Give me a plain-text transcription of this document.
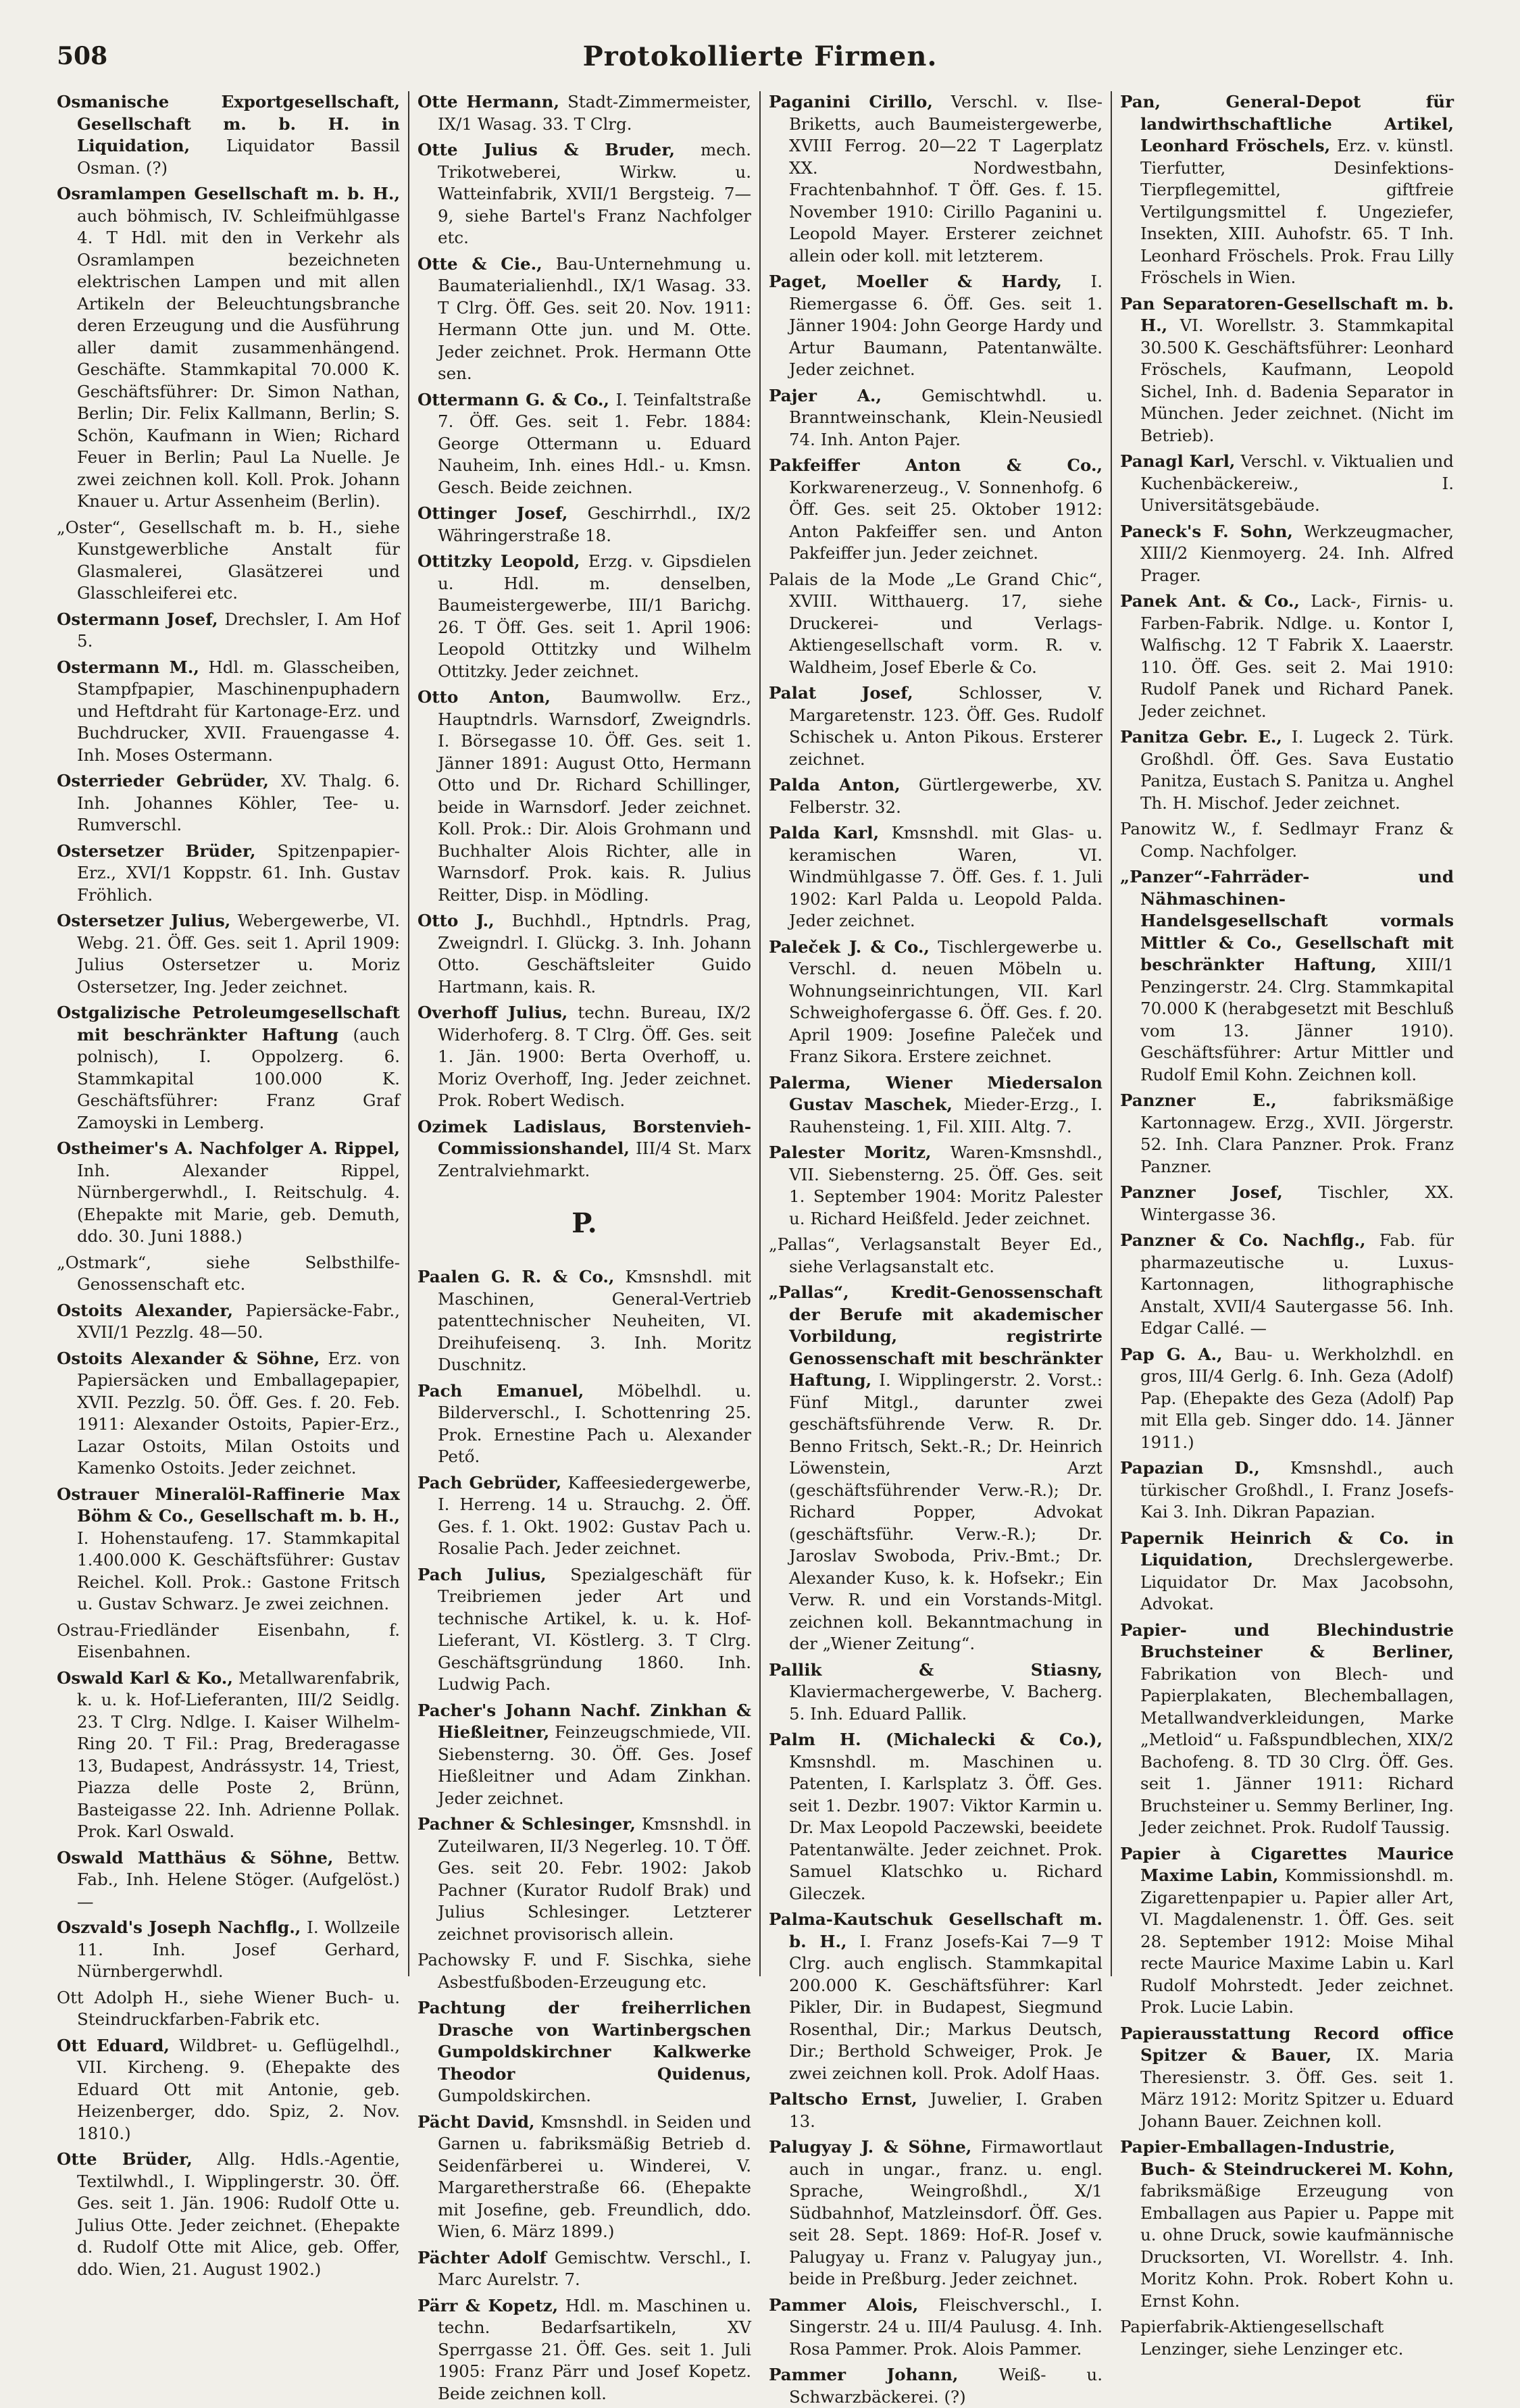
508	Protokollierte Firmen.

Osmanische Exportgesellschaft, Gesellschaft m. b. H. in Liquidation, Liquidator Bassil Osman. (?)

Osramlampen Gesellschaft m. b. H., auch böhmisch, IV. Schleifmühlgasse 4. T Hdl. mit den in Verkehr als Osramlampen bezeichneten elektrischen Lampen und mit allen Artikeln der Beleuchtungsbranche deren Erzeugung und die Ausführung aller damit zusammenhängend. Geschäfte. Stammkapital 70.000 K. Geschäftsführer: Dr. Simon Nathan, Berlin; Dir. Felix Kallmann, Berlin; S. Schön, Kaufmann in Wien; Richard Feuer in Berlin; Paul La Nuelle. Je zwei zeichnen koll. Koll. Prok. Johann Knauer u. Artur Assenheim (Berlin).

„Oster“, Gesellschaft m. b. H., siehe Kunstgewerbliche Anstalt für Glasmalerei, Glasätzerei und Glasschleiferei etc.

Ostermann Josef, Drechsler, I. Am Hof 5.

Ostermann M., Hdl. m. Glasscheiben, Stampfpapier, Maschinenpuphadern und Heftdraht für Kartonage-Erz. und Buchdrucker, XVII. Frauengasse 4. Inh. Moses Ostermann.

Osterrieder Gebrüder, XV. Thalg. 6. Inh. Johannes Köhler, Tee- u. Rumverschl.

Ostersetzer Brüder, Spitzenpapier-Erz., XVI/1 Koppstr. 61. Inh. Gustav Fröhlich.

Ostersetzer Julius, Webergewerbe, VI. Webg. 21. Öff. Ges. seit 1. April 1909: Julius Ostersetzer u. Moriz Ostersetzer, Ing. Jeder zeichnet.

Ostgalizische Petroleumgesellschaft mit beschränkter Haftung (auch polnisch), I. Oppolzerg. 6. Stammkapital 100.000 K. Geschäftsführer: Franz Graf Zamoyski in Lemberg.

Ostheimer's A. Nachfolger A. Rippel, Inh. Alexander Rippel, Nürnbergerwhdl., I. Reitschulg. 4. (Ehepakte mit Marie, geb. Demuth, ddo. 30. Juni 1888.)

„Ostmark“, siehe Selbsthilfe-Genossenschaft etc.

Ostoits Alexander, Papiersäcke-Fabr., XVII/1 Pezzlg. 48—50.

Ostoits Alexander & Söhne, Erz. von Papiersäcken und Emballagepapier, XVII. Pezzlg. 50. Öff. Ges. f. 20. Feb. 1911: Alexander Ostoits, Papier-Erz., Lazar Ostoits, Milan Ostoits und Kamenko Ostoits. Jeder zeichnet.

Ostrauer Mineralöl-Raffinerie Max Böhm & Co., Gesellschaft m. b. H., I. Hohenstaufeng. 17. Stammkapital 1.400.000 K. Geschäftsführer: Gustav Reichel. Koll. Prok.: Gastone Fritsch u. Gustav Schwarz. Je zwei zeichnen.

Ostrau-Friedländer Eisenbahn, f. Eisenbahnen.

Oswald Karl & Ko., Metallwarenfabrik, k. u. k. Hof-Lieferanten, III/2 Seidlg. 23. T Clrg. Ndlge. I. Kaiser Wilhelm-Ring 20. T Fil.: Prag, Brederagasse 13, Budapest, Andrássystr. 14, Triest, Piazza delle Poste 2, Brünn, Basteigasse 22. Inh. Adrienne Pollak. Prok. Karl Oswald.

Oswald Matthäus & Söhne, Bettw. Fab., Inh. Helene Stöger. (Aufgelöst.) —

Oszvald's Joseph Nachflg., I. Wollzeile 11. Inh. Josef Gerhard, Nürnbergerwhdl.

Ott Adolph H., siehe Wiener Buch- u. Steindruckfarben-Fabrik etc.

Ott Eduard, Wildbret- u. Geflügelhdl., VII. Kircheng. 9. (Ehepakte des Eduard Ott mit Antonie, geb. Heizenberger, ddo. Spiz, 2. Nov. 1810.)

Otte Brüder, Allg. Hdls.-Agentie, Textilwhdl., I. Wipplingerstr. 30. Öff. Ges. seit 1. Jän. 1906: Rudolf Otte u. Julius Otte. Jeder zeichnet. (Ehepakte d. Rudolf Otte mit Alice, geb. Offer, ddo. Wien, 21. August 1902.)

Otte Hermann, Stadt-Zimmermeister, IX/1 Wasag. 33. T Clrg.

Otte Julius & Bruder, mech. Trikotweberei, Wirkw. u. Watteinfabrik, XVII/1 Bergsteig. 7—9, siehe Bartel's Franz Nachfolger etc.

Otte & Cie., Bau-Unternehmung u. Baumaterialienhdl., IX/1 Wasag. 33. T Clrg. Öff. Ges. seit 20. Nov. 1911: Hermann Otte jun. und M. Otte. Jeder zeichnet. Prok. Hermann Otte sen.

Ottermann G. & Co., I. Teinfaltstraße 7. Öff. Ges. seit 1. Febr. 1884: George Ottermann u. Eduard Nauheim, Inh. eines Hdl.- u. Kmsn. Gesch. Beide zeichnen.

Ottinger Josef, Geschirrhdl., IX/2 Währingerstraße 18.

Ottitzky Leopold, Erzg. v. Gipsdielen u. Hdl. m. denselben, Baumeistergewerbe, III/1 Barichg. 26. T Öff. Ges. seit 1. April 1906: Leopold Ottitzky und Wilhelm Ottitzky. Jeder zeichnet.

Otto Anton, Baumwollw. Erz., Hauptndrls. Warnsdorf, Zweigndrls. I. Börsegasse 10. Öff. Ges. seit 1. Jänner 1891: August Otto, Hermann Otto und Dr. Richard Schillinger, beide in Warnsdorf. Jeder zeichnet. Koll. Prok.: Dir. Alois Grohmann und Buchhalter Alois Richter, alle in Warnsdorf. Prok. kais. R. Julius Reitter, Disp. in Mödling.

Otto J., Buchhdl., Hptndrls. Prag, Zweigndrl. I. Glückg. 3. Inh. Johann Otto. Geschäftsleiter Guido Hartmann, kais. R.

Overhoff Julius, techn. Bureau, IX/2 Widerhoferg. 8. T Clrg. Öff. Ges. seit 1. Jän. 1900: Berta Overhoff, u. Moriz Overhoff, Ing. Jeder zeichnet. Prok. Robert Wedisch.

Ozimek Ladislaus, Borstenvieh-Commissionshandel, III/4 St. Marx Zentralviehmarkt.

P.

Paalen G. R. & Co., Kmsnshdl. mit Maschinen, General-Vertrieb patenttechnischer Neuheiten, VI. Dreihufeisenq. 3. Inh. Moritz Duschnitz.

Pach Emanuel, Möbelhdl. u. Bilderverschl., I. Schottenring 25. Prok. Ernestine Pach u. Alexander Pető.

Pach Gebrüder, Kaffeesiedergewerbe, I. Herreng. 14 u. Strauchg. 2. Öff. Ges. f. 1. Okt. 1902: Gustav Pach u. Rosalie Pach. Jeder zeichnet.

Pach Julius, Spezialgeschäft für Treibriemen jeder Art und technische Artikel, k. u. k. Hof-Lieferant, VI. Köstlerg. 3. T Clrg. Geschäftsgründung 1860. Inh. Ludwig Pach.

Pacher's Johann Nachf. Zinkhan & Hießleitner, Feinzeugschmiede, VII. Siebensterng. 30. Öff. Ges. Josef Hießleitner und Adam Zinkhan. Jeder zeichnet.

Pachner & Schlesinger, Kmsnshdl. in Zuteilwaren, II/3 Negerleg. 10. T Öff. Ges. seit 20. Febr. 1902: Jakob Pachner (Kurator Rudolf Brak) und Julius Schlesinger. Letzterer zeichnet provisorisch allein.

Pachowsky F. und F. Sischka, siehe Asbestfußboden-Erzeugung etc.

Pachtung der freiherrlichen Drasche von Wartinbergschen Gumpoldskirchner Kalkwerke Theodor Quidenus, Gumpoldskirchen.

Pächt David, Kmsnshdl. in Seiden und Garnen u. fabriksmäßig Betrieb d. Seidenfärberei u. Winderei, V. Margaretherstraße 66. (Ehepakte mit Josefine, geb. Freundlich, ddo. Wien, 6. März 1899.)

Pächter Adolf Gemischtw. Verschl., I. Marc Aurelstr. 7.

Pärr & Kopetz, Hdl. m. Maschinen u. techn. Bedarfsartikeln, XV Sperrgasse 21. Öff. Ges. seit 1. Juli 1905: Franz Pärr und Josef Kopetz. Beide zeichnen koll.

Paganini Cirillo, Verschl. v. Ilse-Briketts, auch Baumeistergewerbe, XVIII Ferrog. 20—22 T Lagerplatz XX. Nordwestbahn, Frachtenbahnhof. T Öff. Ges. f. 15. November 1910: Cirillo Paganini u. Leopold Mayer. Ersterer zeichnet allein oder koll. mit letzterem.

Paget, Moeller & Hardy, I. Riemergasse 6. Öff. Ges. seit 1. Jänner 1904: John George Hardy und Artur Baumann, Patentanwälte. Jeder zeichnet.

Pajer A., Gemischtwhdl. u. Branntweinschank, Klein-Neusiedl 74. Inh. Anton Pajer.

Pakfeiffer Anton & Co., Korkwarenerzeug., V. Sonnenhofg. 6 Öff. Ges. seit 25. Oktober 1912: Anton Pakfeiffer sen. und Anton Pakfeiffer jun. Jeder zeichnet.

Palais de la Mode „Le Grand Chic“, XVIII. Witthauerg. 17, siehe Druckerei- und Verlags-Aktiengesellschaft vorm. R. v. Waldheim, Josef Eberle & Co.

Palat Josef,	Schlosser, V. Margaretenstr. 123. Öff. Ges. Rudolf Schischek u. Anton Pikous. Ersterer zeichnet.

Palda Anton, Gürtlergewerbe, XV. Felberstr. 32.

Palda Karl, Kmsnshdl. mit Glas- u. keramischen Waren, VI. Windmühlgasse 7. Öff. Ges. f. 1. Juli 1902: Karl Palda u. Leopold Palda. Jeder zeichnet.

Paleček J. & Co., Tischlergewerbe u. Verschl. d. neuen Möbeln u. Wohnungseinrichtungen, VII. Karl Schweighofergasse 6. Öff. Ges. f. 20. April 1909: Josefine Paleček und Franz Sikora. Erstere zeichnet.

Palerma, Wiener Miedersalon Gustav Maschek, Mieder-Erzg., I. Rauhensteing. 1, Fil. XIII. Altg. 7.

Palester Moritz, Waren-Kmsnshdl., VII. Siebensterng. 25. Öff. Ges. seit 1. September 1904: Moritz Palester u. Richard Heißfeld. Jeder zeichnet.

„Pallas“, Verlagsanstalt Beyer Ed., siehe Verlagsanstalt etc.

„Pallas“, Kredit-Genossenschaft der Berufe mit akademischer Vorbildung, registrirte Genossenschaft mit beschränkter Haftung, I. Wipplingerstr. 2. Vorst.: Fünf Mitgl., darunter zwei geschäftsführende Verw. R. Dr. Benno Fritsch, Sekt.-R.; Dr. Heinrich Löwenstein, Arzt (geschäftsführender Verw.-R.); Dr. Richard Popper, Advokat (geschäftsführ. Verw.-R.); Dr. Jaroslav Swoboda, Priv.-Bmt.; Dr. Alexander Kuso, k. k. Hofsekr.; Ein Verw. R. und ein Vorstands-Mitgl. zeichnen koll. Bekanntmachung in der „Wiener Zeitung“.

Pallik & Stiasny, Klaviermachergewerbe, V. Bacherg. 5. Inh. Eduard Pallik.

Palm H. (Michalecki & Co.), Kmsnshdl. m. Maschinen u. Patenten, I. Karlsplatz 3. Öff. Ges. seit 1. Dezbr. 1907: Viktor Karmin u. Dr. Max Leopold Paczewski, beeidete Patentanwälte. Jeder zeichnet. Prok. Samuel Klatschko u. Richard Gileczek.

Palma-Kautschuk Gesellschaft m. b. H., I. Franz Josefs-Kai 7—9 T Clrg. auch englisch. Stammkapital 200.000 K. Geschäftsführer: Karl Pikler, Dir. in Budapest, Siegmund Rosenthal, Dir.; Markus Deutsch, Dir.; Berthold Schweiger, Prok. Je zwei zeichnen koll. Prok. Adolf Haas.

Paltscho Ernst, Juwelier, I. Graben 13.

Palugyay J. & Söhne, Firmawortlaut auch in ungar., franz. u. engl. Sprache, Weingroßhdl., X/1 Südbahnhof, Matzleinsdorf. Öff. Ges. seit 28. Sept. 1869: Hof-R. Josef v. Palugyay u. Franz v. Palugyay jun., beide in Preßburg. Jeder zeichnet.

Pammer Alois, Fleischverschl., I. Singerstr. 24 u. III/4 Paulusg. 4. Inh. Rosa Pammer. Prok. Alois Pammer.

Pammer Johann, Weiß- u. Schwarzbäckerei. (?)

Pan, General-Depot für landwirthschaftliche Artikel, Leonhard Fröschels, Erz. v. künstl. Tierfutter, Desinfektions-Tierpflegemittel, giftfreie Vertilgungsmittel f. Ungeziefer, Insekten, XIII. Auhofstr. 65. T Inh. Leonhard Fröschels. Prok. Frau Lilly Fröschels in Wien.

Pan Separatoren-Gesellschaft m. b. H., VI. Worellstr. 3. Stammkapital 30.500 K. Geschäftsführer: Leonhard Fröschels, Kaufmann, Leopold Sichel, Inh. d. Badenia Separator in München. Jeder zeichnet. (Nicht im Betrieb).

Panagl Karl, Verschl. v. Viktualien und Kuchenbäckereiw., I. Universitätsgebäude.

Paneck's F. Sohn, Werkzeugmacher, XIII/2 Kienmoyerg. 24. Inh. Alfred Prager.

Panek Ant. & Co., Lack-, Firnis- u. Farben-Fabrik. Ndlge. u. Kontor I, Walfischg. 12 T Fabrik X. Laaerstr. 110. Öff. Ges. seit 2. Mai 1910: Rudolf Panek und Richard Panek. Jeder zeichnet.

Panitza Gebr. E., I. Lugeck 2. Türk. Großhdl. Öff. Ges. Sava Eustatio Panitza, Eustach S. Panitza u. Anghel Th. H. Mischof. Jeder zeichnet.

Panowitz W., f. Sedlmayr Franz & Comp. Nachfolger.

„Panzer“-Fahrräder- und Nähmaschinen-Handelsgesellschaft vormals Mittler & Co., Gesellschaft mit beschränkter Haftung, XIII/1 Penzingerstr. 24. Clrg. Stammkapital 70.000 K (herabgesetzt mit Beschluß vom 13. Jänner 1910). Geschäftsführer: Artur Mittler und Rudolf Emil Kohn. Zeichnen koll.

Panzner E.,	fabriksmäßige Kartonnagew. Erzg., XVII. Jörgerstr. 52. Inh. Clara Panzner. Prok. Franz Panzner.

Panzner Josef, Tischler, XX. Wintergasse 36.

Panzner & Co. Nachflg., Fab. für pharmazeutische u. Luxus-Kartonnagen, lithographische Anstalt, XVII/4 Sautergasse 56. Inh. Edgar Callé. —

Pap G. A., Bau- u. Werkholzhdl. en gros, III/4 Gerlg. 6. Inh. Geza (Adolf) Pap. (Ehepakte des Geza (Adolf) Pap mit Ella geb. Singer ddo. 14. Jänner 1911.)

Papazian D., Kmsnshdl., auch türkischer Großhdl., I. Franz Josefs-Kai 3. Inh. Dikran Papazian.

Papernik Heinrich & Co. in Liquidation, Drechslergewerbe. Liquidator Dr. Max Jacobsohn, Advokat.

Papier- und Blechindustrie Bruchsteiner & Berliner, Fabrikation von Blech- und Papierplakaten, Blechemballagen, Metallwandverkleidungen, Marke „Metloid“ u. Faßspundblechen, XIX/2 Bachofeng. 8. TD 30 Clrg. Öff. Ges. seit 1. Jänner 1911: Richard Bruchsteiner u. Semmy Berliner, Ing. Jeder zeichnet. Prok. Rudolf Taussig.

Papier à Cigarettes Maurice Maxime Labin, Kommissionshdl. m. Zigarettenpapier u. Papier aller Art, VI. Magdalenenstr. 1. Öff. Ges. seit 28. September 1912: Moise Mihal recte Maurice Maxime Labin u. Karl Rudolf Mohrstedt. Jeder zeichnet. Prok. Lucie Labin.

Papierausstattung Record office Spitzer & Bauer, IX. Maria Theresienstr. 3. Öff. Ges. seit 1. März 1912: Moritz Spitzer u. Eduard Johann Bauer. Zeichnen koll.

Papier-Emballagen-Industrie, Buch- & Steindruckerei M. Kohn, fabriksmäßige Erzeugung von Emballagen aus Papier u. Pappe mit u. ohne Druck, sowie kaufmännische Drucksorten, VI. Worellstr. 4. Inh. Moritz Kohn. Prok. Robert Kohn u. Ernst Kohn.

Papierfabrik-Aktiengesellschaft Lenzinger, siehe Lenzinger etc.
